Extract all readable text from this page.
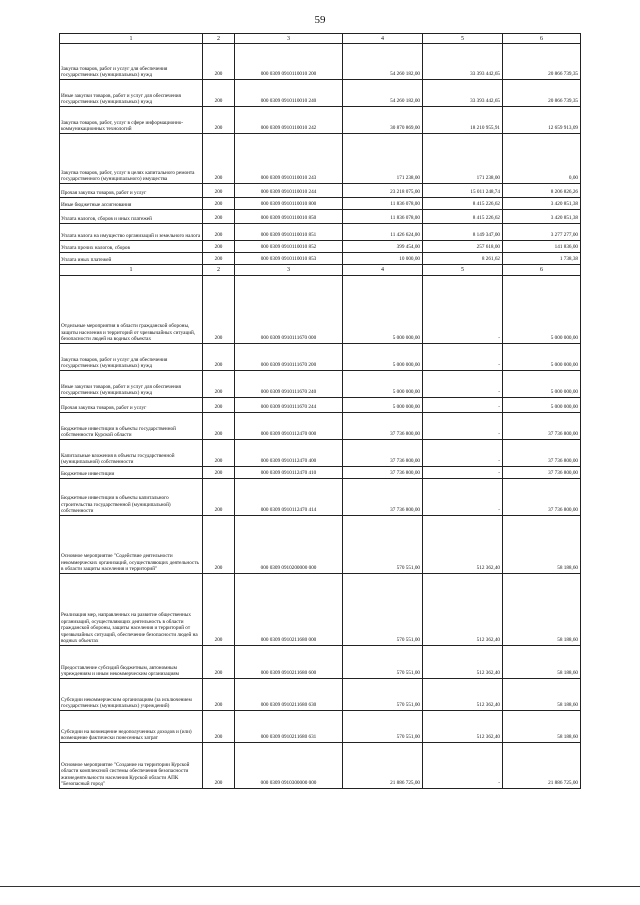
59
1	2	3	4	5	6
Закупка товаров, работ и услуг для обеспечения государственных (муниципальных) нужд	200	000 0309 0910110010 200	54 260 182,00	33 393 442,65	20 866 739,35
Иные закупки товаров, работ и услуг для обеспечения государственных (муниципальных) нужд	200	000 0309 0910110010 240	54 260 182,00	33 393 442,65	20 866 739,35
Закупка товаров, работ, услуг в сфере информационно-коммуникационных технологий	200	000 0309 0910110010 242	30 870 869,00	18 210 955,91	12 659 913,09
Закупка товаров, работ, услуг в целях капитального ремонта государственного (муниципального) имущества	200	000 0309 0910110010 243	171 238,00	171 238,00	0,00
Прочая закупка товаров, работ и услуг	200	000 0309 0910110010 244	23 218 075,00	15 011 248,74	8 206 826,26
Иные бюджетные ассигнования	200	000 0309 0910110010 800	11 836 078,00	8 415 226,62	3 420 851,38
Уплата налогов, сборов и иных платежей	200	000 0309 0910110010 850	11 836 078,00	8 415 226,62	3 420 851,38
Уплата налога на имущество организаций и земельного налога	200	000 0309 0910110010 851	11 426 624,00	8 149 347,00	3 277 277,00
Уплата прочих налогов, сборов	200	000 0309 0910110010 852	399 454,00	257 618,00	141 836,00
Уплата иных платежей	200	000 0309 0910110010 853	10 000,00	8 261,62	1 738,38
1	2	3	4	5	6
Отдельные мероприятия в области гражданской обороны, защиты населения и территорий от чрезвычайных ситуаций, безопасности людей на водных объектах	200	000 0309 0910111670 000	5 000 000,00	-	5 000 000,00
Закупка товаров, работ и услуг для обеспечения государственных (муниципальных) нужд	200	000 0309 0910111670 200	5 000 000,00	-	5 000 000,00
Иные закупки товаров, работ и услуг для обеспечения государственных (муниципальных) нужд	200	000 0309 0910111670 240	5 000 000,00	-	5 000 000,00
Прочая закупка товаров, работ и услуг	200	000 0309 0910111670 244	5 000 000,00	-	5 000 000,00
Бюджетные инвестиции в объекты государственной собственности Курской области	200	000 0309 0910112470 000	37 736 800,00	-	37 736 800,00
Капитальные вложения в объекты государственной (муниципальной) собственности	200	000 0309 0910112470 400	37 736 800,00	-	37 736 800,00
Бюджетные инвестиции	200	000 0309 0910112470 410	37 736 800,00	-	37 736 800,00
Бюджетные инвестиции в объекты капитального строительства государственной (муниципальной) собственности	200	000 0309 0910112470 414	37 736 800,00	-	37 736 800,00
Основное мероприятие "Содействие деятельности некоммерческих организаций, осуществляющих деятельность в области защиты населения и территорий"	200	000 0309 0910200000 000	570 551,00	512 362,40	58 188,60
Реализация мер, направленных на развитие общественных организаций, осуществляющих деятельность в области гражданской обороны, защиты населения и территорий от чрезвычайных ситуаций, обеспечение безопасности людей на водных объектах	200	000 0309 0910211680 000	570 551,00	512 362,40	58 188,60
Предоставление субсидий бюджетным, автономным учреждениям и иным некоммерческим организациям	200	000 0309 0910211680 600	570 551,00	512 362,40	58 188,60
Субсидии некоммерческим организациям (за исключением государственных (муниципальных) учреждений)	200	000 0309 0910211680 630	570 551,00	512 362,40	58 188,60
Субсидии на возмещение недополученных доходов и (или) возмещение фактически понесенных затрат	200	000 0309 0910211680 631	570 551,00	512 362,40	58 188,60
Основное мероприятие "Создание на территории Курской области комплексной системы обеспечения безопасности жизнедеятельности населения Курской области АПК "Безопасный город"	200	000 0309 0910300000 000	21 886 725,00	-	21 886 725,00
